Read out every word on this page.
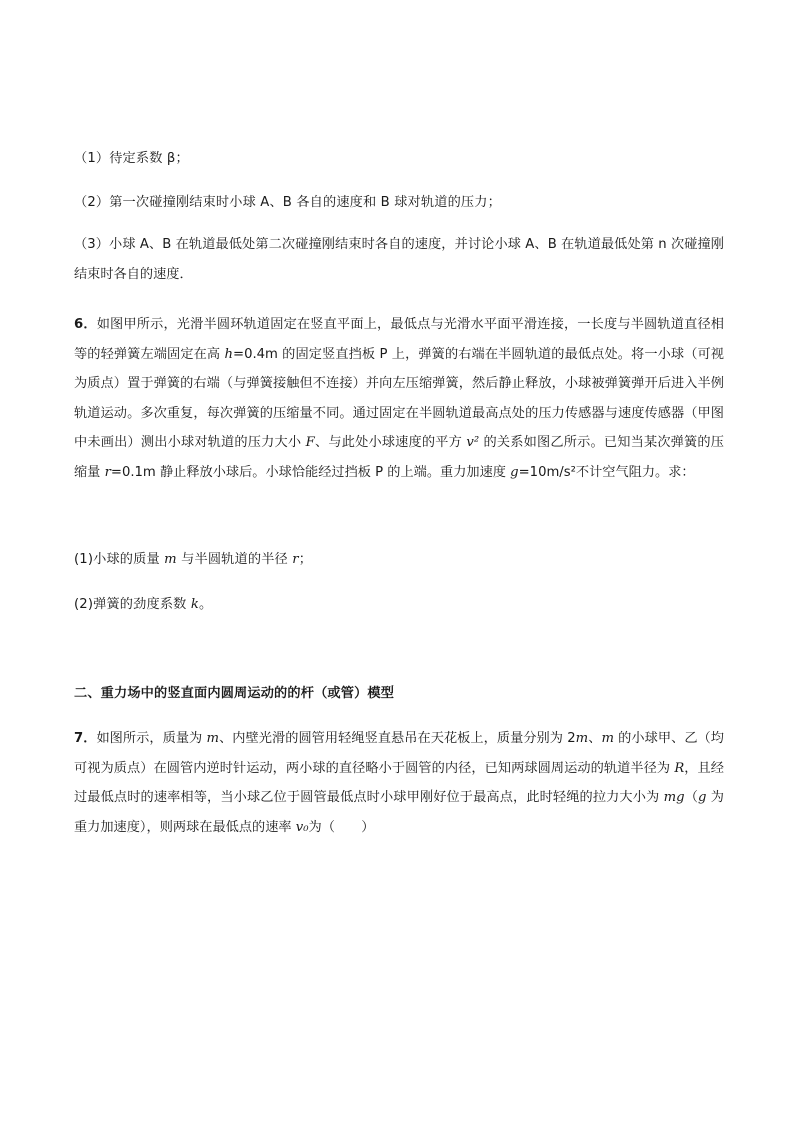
（1）待定系数 β；
（2）第一次碰撞刚结束时小球 A、B 各自的速度和 B 球对轨道的压力；
（3）小球 A、B 在轨道最低处第二次碰撞刚结束时各自的速度，并讨论小球 A、B 在轨道最低处第 n 次碰撞刚结束时各自的速度．
6．如图甲所示，光滑半圆环轨道固定在竖直平面上，最低点与光滑水平面平滑连接，一长度与半圆轨道直径相等的轻弹簧左端固定在高 h=0.4m 的固定竖直挡板 P 上，弹簧的右端在半圆轨道的最低点处。将一小球（可视为质点）置于弹簧的右端（与弹簧接触但不连接）并向左压缩弹簧，然后静止释放，小球被弹簧弹开后进入半例轨道运动。多次重复，每次弹簧的压缩量不同。通过固定在半圆轨道最高点处的压力传感器与速度传感器（甲图中未画出）测出小球对轨道的压力大小 F、与此处小球速度的平方 v² 的关系如图乙所示。已知当某次弹簧的压缩量 r=0.1m 静止释放小球后。小球恰能经过挡板 P 的上端。重力加速度 g=10m/s²不计空气阻力。求：
(1)小球的质量 m 与半圆轨道的半径 r；
(2)弹簧的劲度系数 k。
二、重力场中的竖直面内圆周运动的的杆（或管）模型
7．如图所示，质量为 m、内壁光滑的圆管用轻绳竖直悬吊在天花板上，质量分别为 2m、m 的小球甲、乙（均可视为质点）在圆管内逆时针运动，两小球的直径略小于圆管的内径，已知两球圆周运动的轨道半径为 R，且经过最低点时的速率相等，当小球乙位于圆管最低点时小球甲刚好位于最高点，此时轻绳的拉力大小为 mg（g 为重力加速度），则两球在最低点的速率 v₀为（　　）
